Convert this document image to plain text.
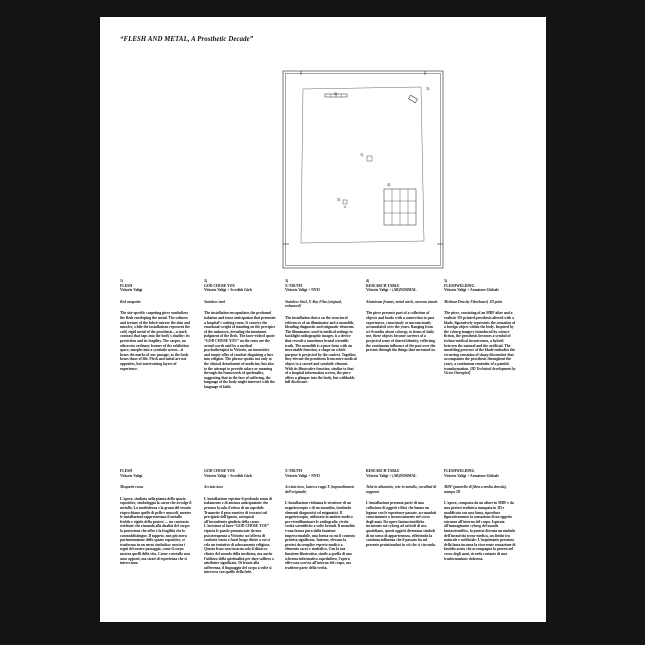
“FLESH AND METAL, A Prosthetic Decade”
2)
3)
1)
4)
5)
1)
FLESH
Vittorio Valigi
Red moquette
The site-specific carpeting piece symbolizes the flesh enveloping the metal. The softness and texture of the fabric mirror the skin and muscles, while the installations represent the cold, rigid metal of the prosthesis—a stark contrast that taps into the body's duality: its protection and its fragility. The carpet, an otherwise ordinary feature of the exhibition space, morphs into a symbolic nexus—it bears the marks of our passage, as the body bears those of life. Flesh and metal are not opposites, but intertwining layers of experience.
2)
GOD CHOSE YOU
Vittorio Valigi + Swedish Girls
Stainless steel
The installation encapsulates the profound isolation and tense anticipation that permeate a hospital's waiting room. It conveys the emotional weight of standing on the precipice of the unknown, dreading the imminent judgment of the flesh. The laser-etched quote “GOD CHOSE YOU” on the seats are the actual words said by a medical psychotherapist to Vittorio, an insensitive and empty offer of comfort disguising a lure into religion. The phrase speaks not only to the clinical detachment of medicine, but also to the attempt to provide solace or meaning through the framework of spirituality, suggesting that in the face of suffering, the language of the body might intersect with the language of faith.
3)
X-TRUTH
Vittorio Valigi + NNI3
Stainless Steel, X-Ray Film (original, enhanced)
The installation draws on the structural references of an illuminator and a monolith, blending diagnostic and enigmatic elements. The illuminator, used in medical settings to backlight radiographic images, is a device that reveals a sometimes brutal scientific truth. The monolith is a pure form with an inscrutable function, a shape on which purpose is projected by the context. Together, they elevate the prosthesis from mere medical object to a sacred and symbolic element. With its illustrative function, similar to that of a hospital information screen, the piece offers a glimpse into the body, but withholds full disclosure.
4)
RESEARCH TABLE
Vittorio Valigi + (AB)NORMAL
Aluminum frames, metal mesh, caravan stands
The piece presents part of a collection of objects and books with a connection to past experiences, consciously or unconsciously accumulated over the years. Ranging from sci-fi media about cyborgs, to items of daily use, these objects become carriers of a projected sense of shared identity, reflecting the continuous influence of the past over the present through the things that surround us.
5)
FLESHWELDING
Vittorio Valigi + Armature Globale
Medium-Density Fibreboard, 3D print
The piece, consisting of an MDF altar and a realistic 3D-printed prosthesis altered with a blade, figuratively represents the sensation of a foreign object within the body. Inspired by the cyborg imagery introduced by science fiction, the prosthesis becomes a symbol of techno-medical invasiveness, a hybrid between the natural and the artificial. The unsettling presence of the blade embodies the recurring sensation of sharp discomfort that accompanies the prosthesis throughout the years, a continuous reminder of a painful transformation. (3D Technical development by Victor Östergård)
FLESH
Vittorio Valigi
Moquette rossa
L'opera, studiata sulla pianta dello spazio espositivo, simboleggia la carne che avvolge il metallo. La morbidezza e la grana del tessuto rispecchiano quelle di pelle e muscoli, mentre le installazioni rappresentano il metallo freddo e rigido della protesi — un contrasto stridente che rimanda alla dualità del corpo: la protezione che offre e la fragilità che lo contraddistingue. Il tappeto, non più mera pavimentazione dello spazio espositivo, si trasforma in un nesso simbolico: mostra i segni del nostro passaggio, come il corpo mostra quelli della vita. Carne e metallo non sono opposti, ma strati di esperienza che si intrecciano.
GOD CHOSE YOU
Vittorio Valigi + Swedish Girls
Acciaio inox
L'installazione esprime il profondo senso di isolamento e di ansiosa anticipazione che permea la sala d'attesa di un ospedale. Trasmette il peso emotivo di trovarsi sul precipizio dell'ignoto, sottoposti all'incombente giudizio della carne. L'incisione al laser “GOD CHOSE YOU” riporta le parole pronunciate da uno psicoterapeuta a Vittorio: un'offerta di conforto vuota e fuori luogo dietro a cui si cela un tentativo di adescamento religioso. Questa frase non incarna solo il distacco clinico del mondo della medicina, ma anche l'utilizzo della spiritualità per dare sollievo o attribuire significato. Di fronte alla sofferenza, il linguaggio del corpo a volte si interseca con quello della fede.
X-TRUTH
Vittorio Valigi + NNI3
Acciaio inox, lastra a raggi X (ingrandimento dell'originale)
L'installazione richiama le strutture di un negativoscopio e di un monolito, fondendo elementi diagnostici ed enigmatici. Il negativoscopio, utilizzato in ambito medico per retroilluminare le radiografie, rivela verità scientifiche a volte brutali. Il monolito è una forma pura dalla funzione imperscrutabile, una forma su cui il contesto proietta significato. Insieme, elevano la protesi da semplice reperto medico a elemento sacro e simbolico. Con la sua funzione illustrativa, simile a quella di uno schermo informativo ospedaliero, l'opera offre uno scorcio all'interno del corpo, ma trattiene parte della verità.
RESEARCH TABLE
Vittorio Valigi + (AB)NORMAL
Telai in alluminio, rete in metallo, cavalletti di supporto
L'installazione presenta parte di una collezione di oggetti e libri che hanno un legame con le esperienze passate, accumulati consciamente o inconsciamente nel corso degli anni. Da opere fantascientifiche incentrate sui cyborg ad articoli di uso quotidiano, questi oggetti diventano simboli di un senso di appartenenza, riflettendo la continua influenza che il passato ha sul presente proiettandosi in ciò che ci circonda.
FLESHWELDING
Vittorio Valigi + Armature Globale
MDF (pannello di fibra a media densità), stampa 3D
L'opera, composta da un altare in MDF e da una protesi realistica stampata in 3D e modificata con una lama, riproduce figurativamente la sensazione di un oggetto estraneo all'interno del corpo. Ispirata all'immaginario cyborg del mondo fantascientifico, la protesi diventa un simbolo dell'invasività tecno-medica, un ibrido tra naturale e artificiale. L'inquietante presenza della lama incarna la ricorrente sensazione di fastidio acuto che accompagna la protesi nel corso degli anni, ricordo costante di una trasformazione dolorosa.
